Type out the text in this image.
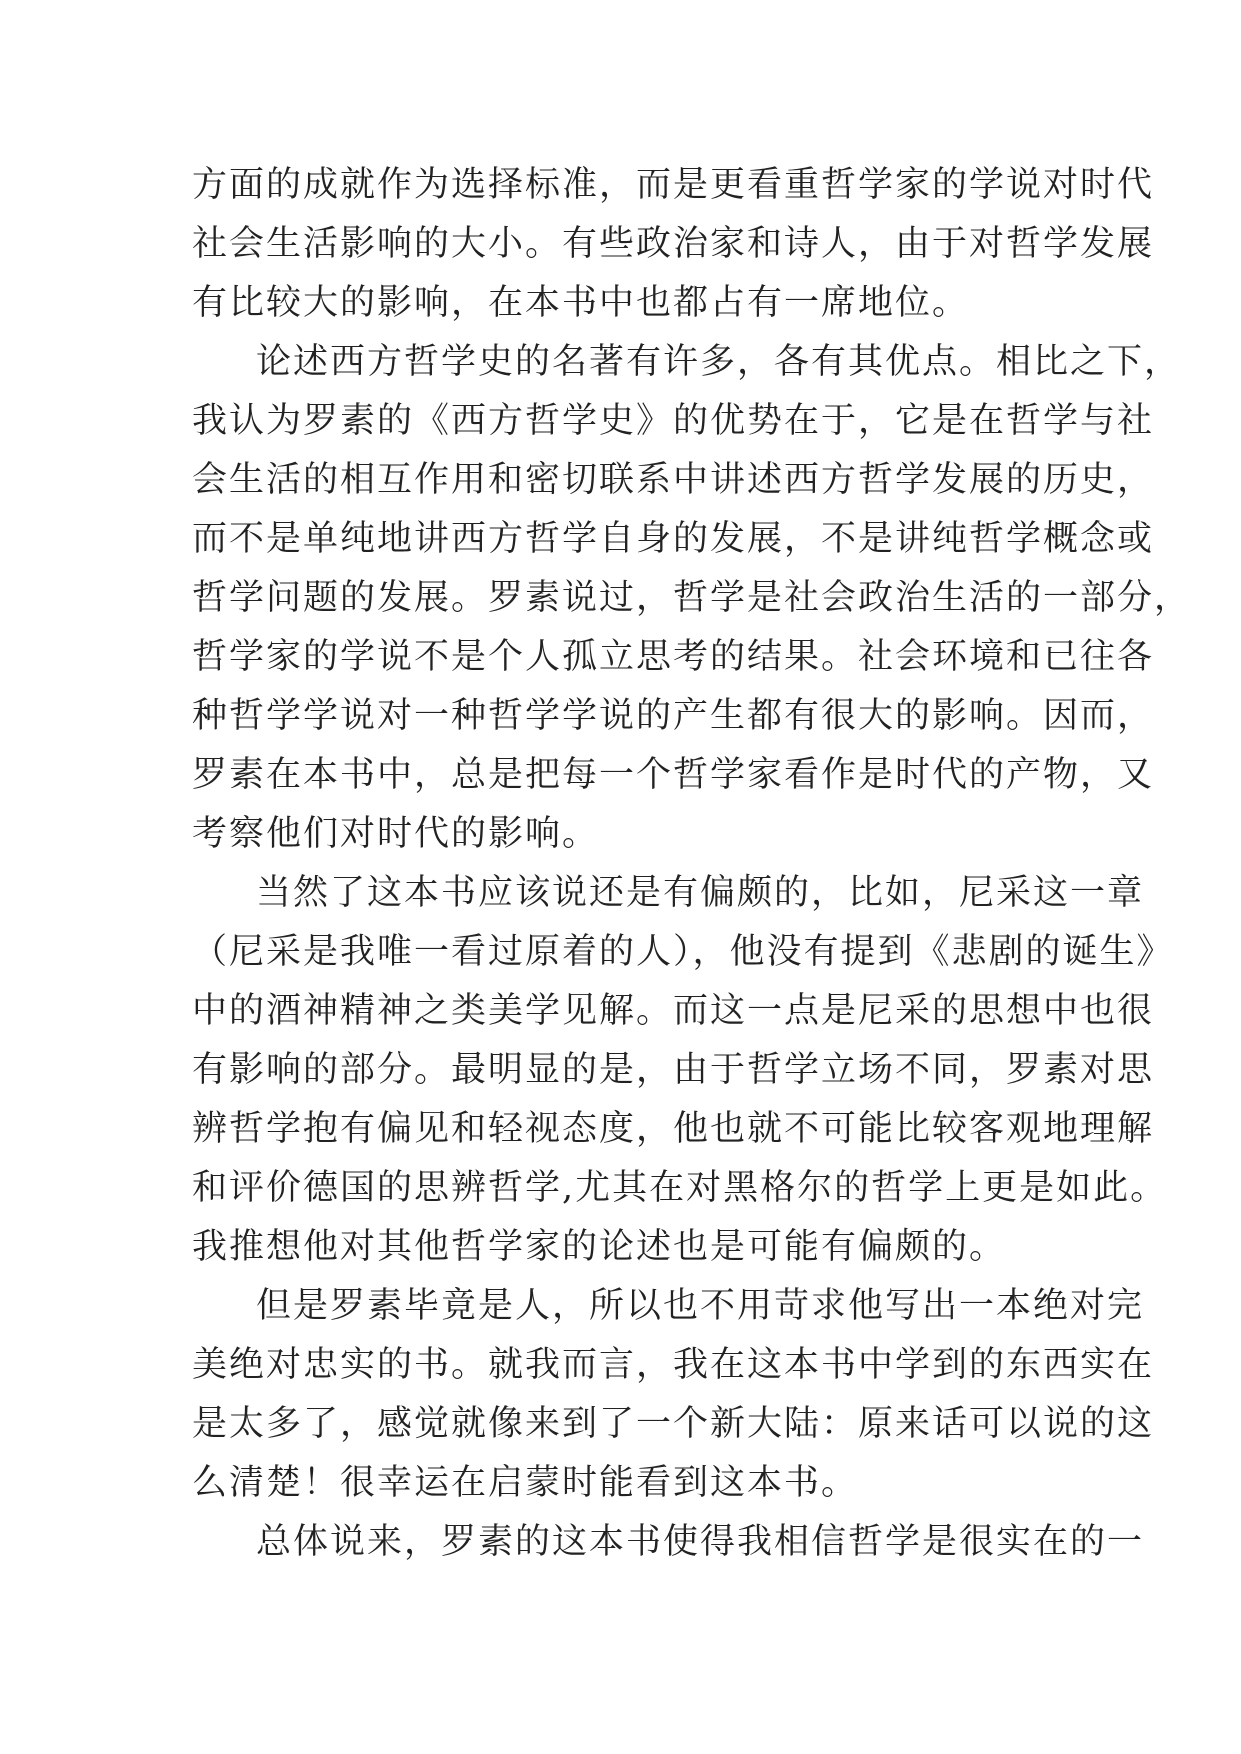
方面的成就作为选择标准，而是更看重哲学家的学说对时代
社会生活影响的大小。有些政治家和诗人，由于对哲学发展
有比较大的影响，在本书中也都占有一席地位。
论述西方哲学史的名著有许多，各有其优点。相比之下，
我认为罗素的《西方哲学史》的优势在于，它是在哲学与社
会生活的相互作用和密切联系中讲述西方哲学发展的历史，
而不是单纯地讲西方哲学自身的发展，不是讲纯哲学概念或
哲学问题的发展。罗素说过，哲学是社会政治生活的一部分，
哲学家的学说不是个人孤立思考的结果。社会环境和已往各
种哲学学说对一种哲学学说的产生都有很大的影响。因而，
罗素在本书中，总是把每一个哲学家看作是时代的产物，又
考察他们对时代的影响。
当然了这本书应该说还是有偏颇的，比如，尼采这一章
（尼采是我唯一看过原着的人），他没有提到《悲剧的诞生》
中的酒神精神之类美学见解。而这一点是尼采的思想中也很
有影响的部分。最明显的是，由于哲学立场不同，罗素对思
辨哲学抱有偏见和轻视态度，他也就不可能比较客观地理解
和评价德国的思辨哲学,尤其在对黑格尔的哲学上更是如此。
我推想他对其他哲学家的论述也是可能有偏颇的。
但是罗素毕竟是人，所以也不用苛求他写出一本绝对完
美绝对忠实的书。就我而言，我在这本书中学到的东西实在
是太多了，感觉就像来到了一个新大陆：原来话可以说的这
么清楚！很幸运在启蒙时能看到这本书。
总体说来，罗素的这本书使得我相信哲学是很实在的一
